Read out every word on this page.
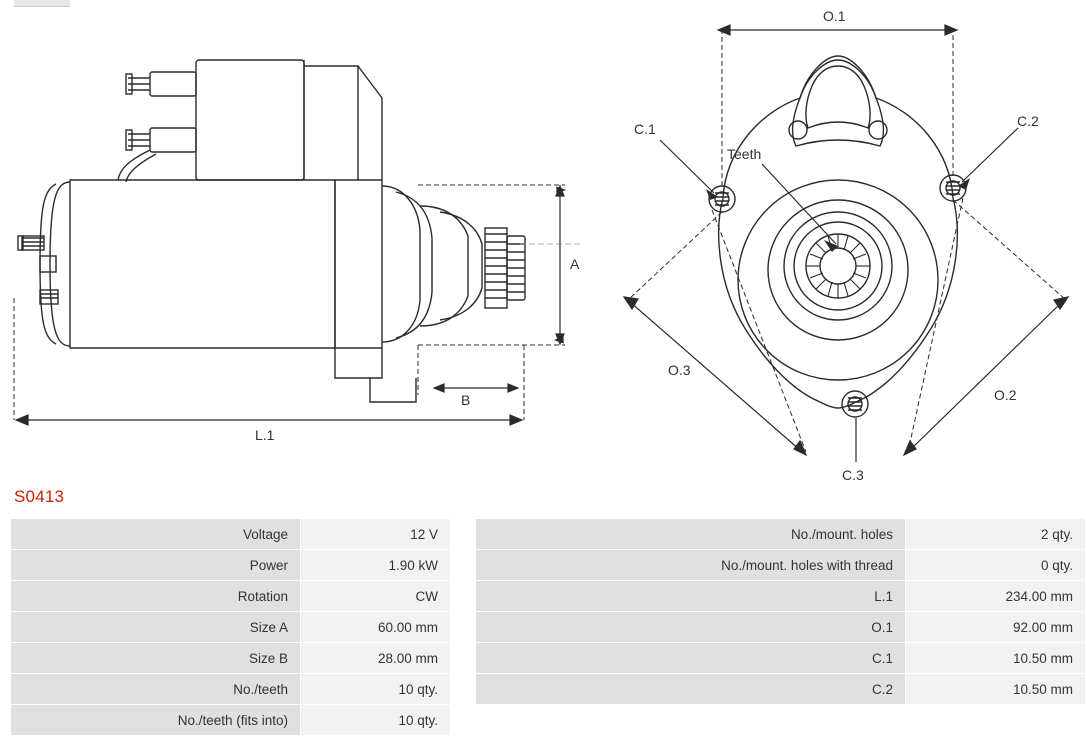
A
B
L.1
O.1
O.2
O.3
C.1	C.2
C.3
Teeth
S0413
Voltage	12 V		No./mount. holes	2 qty.
Power	1.90 kW		No./mount. holes with thread	0 qty.
Rotation	CW		L.1	234.00 mm
Size A	60.00 mm		O.1	92.00 mm
Size B	28.00 mm		C.1	10.50 mm
No./teeth	10 qty.		C.2	10.50 mm
No./teeth (fits into)	10 qty.			
